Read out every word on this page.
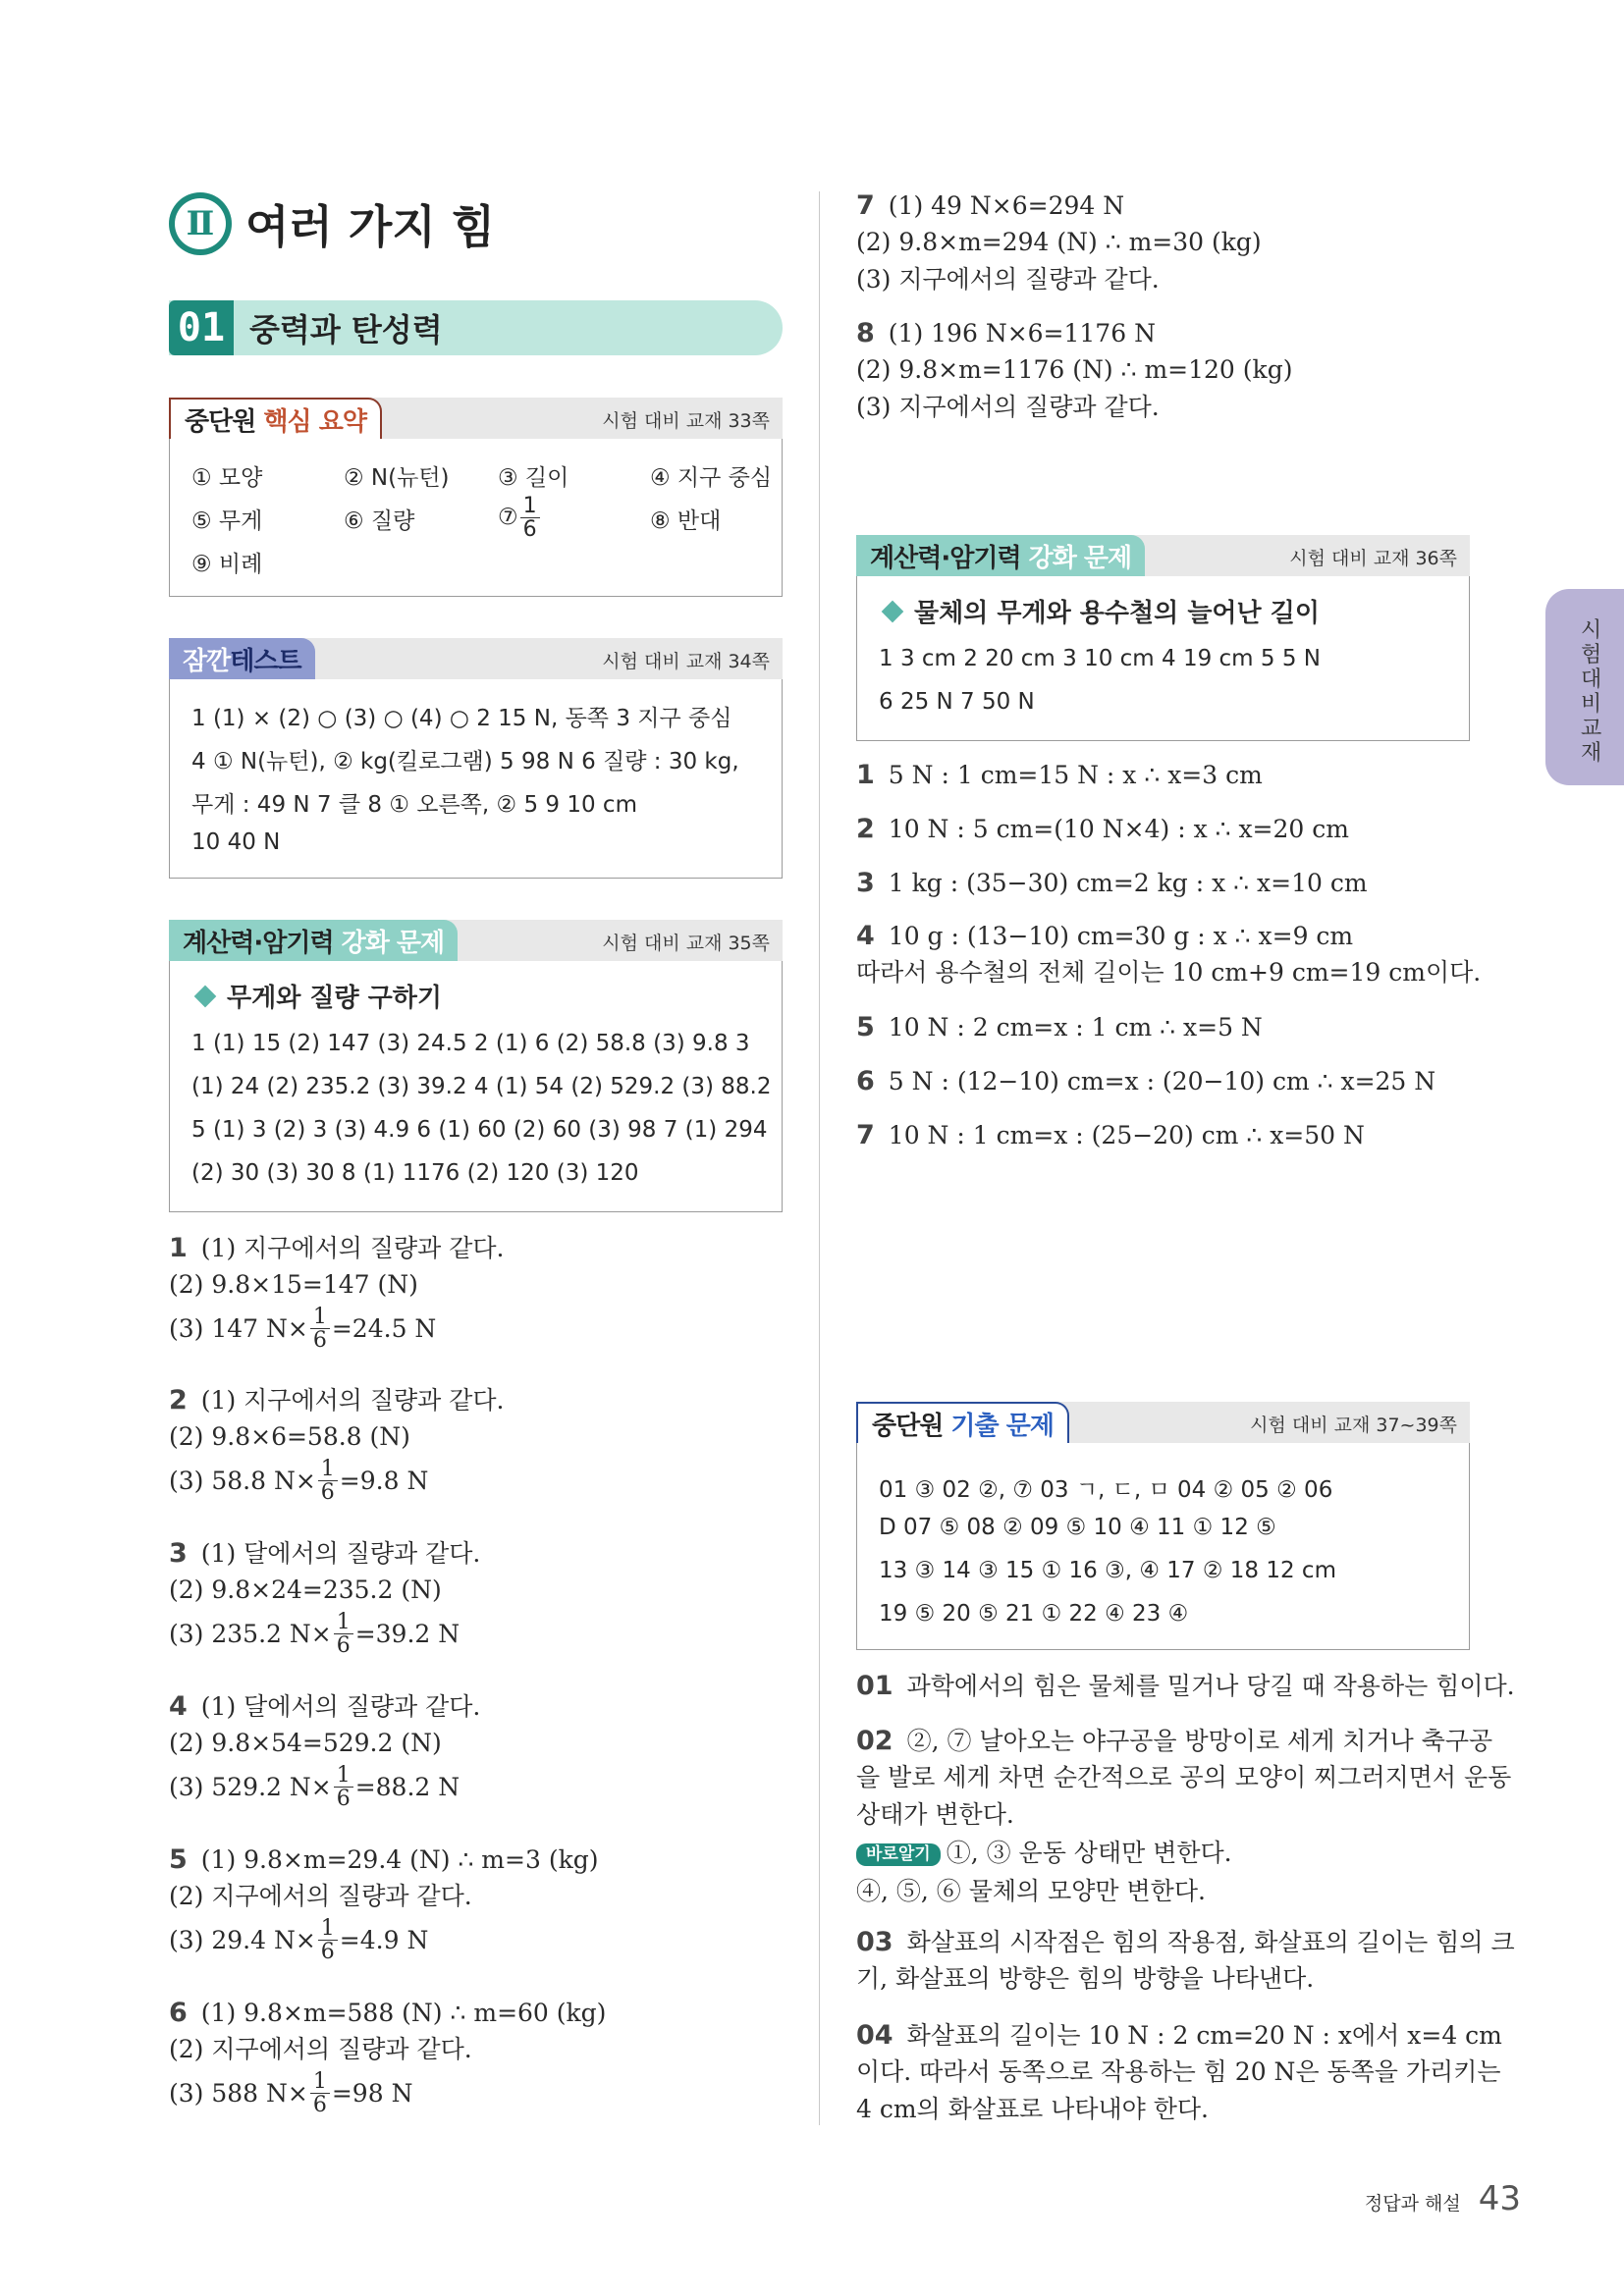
Ⅱ 여러 가지 힘
01 중력과 탄성력
중단원
핵심 요약	시험 대비 교재 33쪽
① 모양	② N(뉴턴) ③ 길이	④ 지구 중심
⑤ 무게	⑥ 질량	⑦ $\frac{1}{6}$	⑧ 반대
⑨ 비례
잠깐 테스트	시험 대비 교재 34쪽

1 (1) × (2) ○ (3) ○ (4) ○ 2 15 N, 동쪽 3 지구 중심

4 ① N(뉴턴), ② kg(킬로그램) 5 98 N 6 질량 : 30 kg,

무게 : 49 N 7 클 8 ① 오른쪽, ② 5 9 10 cm

10 40 N

계산력·암기력
강화 문제	시험 대비 교재 35쪽
무게와 질량 구하기

1 (1) 15 (2) 147 (3) 24.5 2 (1) 6 (2) 58.8 (3) 9.8 3

(1) 24 (2) 235.2 (3) 39.2 4 (1) 54 (2) 529.2 (3) 88.2

5 (1) 3 (2) 3 (3) 4.9 6 (1) 60 (2) 60 (3) 98 7 (1) 294

(2) 30 (3) 30 8 (1) 1176 (2) 120 (3) 120

1 (1) 지구에서의 질량과 같다.
(2) 9.8×15=147 (N)
(3) 147 $N\times \frac{1}{6} =24.5$ N
2 (1) 지구에서의 질량과 같다.
(2) 9.8×6=58.8 (N)
(3) 58.8 $N\times \frac{1}{6} =9.8$ N
3 (1) 달에서의 질량과 같다.
(2) 9.8×24=235.2 (N)
(3) 235.2 $N\times \frac{1}{6} =39.2$ N
4 (1) 달에서의 질량과 같다.
(2) 9.8×54=529.2 (N)
(3) 529.2 $N\times \frac{1}{6} =88.2$ N
5 (1) 9.8×m=29.4 (N) ∴ m=3 (kg)
(2) 지구에서의 질량과 같다.
(3) 29.4 $N\times \frac{1}{6} =4.9$ N
6 (1) 9.8×m=588 (N) ∴ m=60 (kg)
(2) 지구에서의 질량과 같다.
(3) 588 $N\times \frac{1}{6} =98$ N
7 (1) 49 N×6=294 N
(2) 9.8×m=294 (N) ∴ m=30 (kg)
(3) 지구에서의 질량과 같다.
8 (1) 196 N×6=1176 N
(2) 9.8×m=1176 (N) ∴ m=120 (kg)
(3) 지구에서의 질량과 같다.
계산력·암기력
강화 문제	시험 대비 교재 36쪽
물체의 무게와 용수철의 늘어난 길이

1 3 cm 2 20 cm 3 10 cm 4 19 cm 5 5 N

6 25 N 7 50 N

1 5 N : 1 cm=15 N : x ∴ x=3 cm
2 10 N : 5 cm=(10 N×4) : x ∴ x=20 cm
3 1 kg : (35−30) cm=2 kg : x ∴ x=10 cm
4 10 g : (13−10) cm=30 g : x ∴ x=9 cm
따라서 용수철의 전체 길이는 10 cm+9 cm=19 cm이다.
5 10 N : 2 cm=x : 1 cm ∴ x=5 N
6 5 N : (12−10) cm=x : (20−10) cm ∴ x=25 N
7 10 N : 1 cm=x : (25−20) cm ∴ x=50 N
중단원
기출 문제	시험 대비 교재 37~39쪽

01 ③ 02 ②, ⑦ 03 ㄱ, ㄷ, ㅁ 04 ② 05 ② 06

D 07 ⑤ 08 ② 09 ⑤ 10 ④ 11 ① 12 ⑤

13 ③ 14 ③ 15 ① 16 ③, ④ 17 ② 18 12 cm

19 ⑤ 20 ⑤ 21 ① 22 ④ 23 ④

01 과학에서의 힘은 물체를 밀거나 당길 때 작용하는 힘이다.
02 ②, ⑦ 날아오는 야구공을 방망이로 세게 치거나 축구공
을 발로 세게 차면 순간적으로 공의 모양이 찌그러지면서 운동
상태가 변한다.
03 화살표의 시작점은 힘의 작용점, 화살표의 길이는 힘의 크
기, 화살표의 방향은 힘의 방향을 나타낸다.
04 화살표의 길이는 10 N : 2 cm=20 N : x에서 x=4 cm
이다. 따라서 동쪽으로 작용하는 힘 20 N은 동쪽을 가리키는
4 cm의 화살표로 나타내야 한다.
바로알기 ①, ③ 운동 상태만 변한다.
④, ⑤, ⑥ 물체의 모양만 변한다.
시험대비교재
정답과 해설 43
